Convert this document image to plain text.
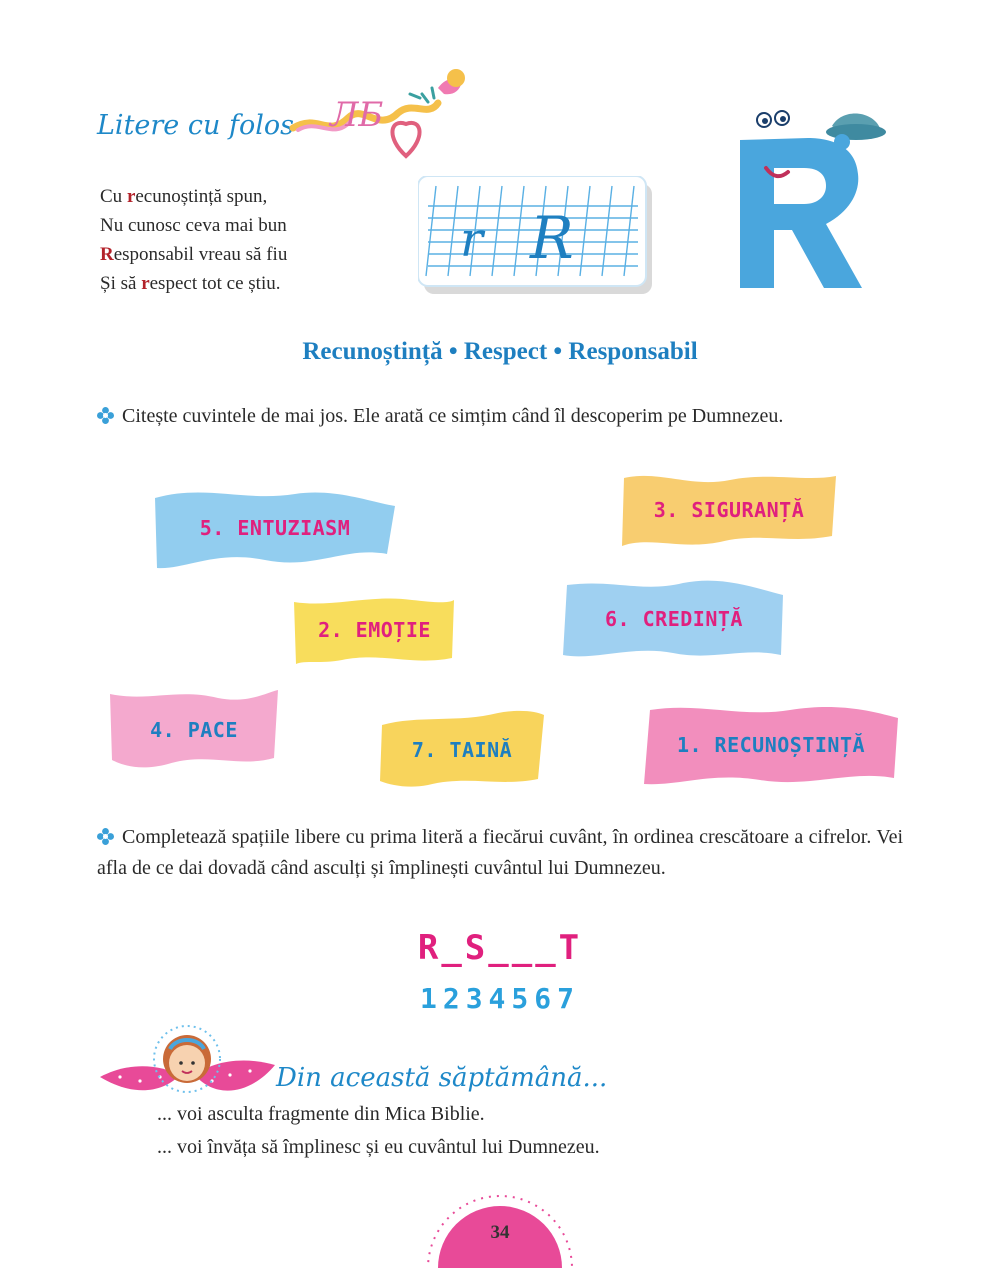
Litere cu folos ЛБ
Cu recunoștință spun,
Nu cunosc ceva mai bun
Responsabil vreau să fiu
Și să respect tot ce știu.
r R
Recunoștință • Respect • Responsabil
Citește cuvintele de mai jos. Ele arată ce simțim când îl descoperim pe Dumnezeu.
5. ENTUZIASM
3. SIGURANȚĂ
2. EMOȚIE	6. CREDINȚĂ
4. PACE
7. TAINĂ	1. RECUNOȘTINȚĂ
Completează spațiile libere cu prima literă a fiecărui cuvânt, în ordinea crescătoare a cifrelor. Vei afla de ce dai dovadă când asculți și împlinești cuvântul lui Dumnezeu.
R_S___T
1234567
Din această săptămână...
... voi asculta fragmente din Mica Biblie.
... voi învăța să împlinesc și eu cuvântul lui Dumnezeu.
34
